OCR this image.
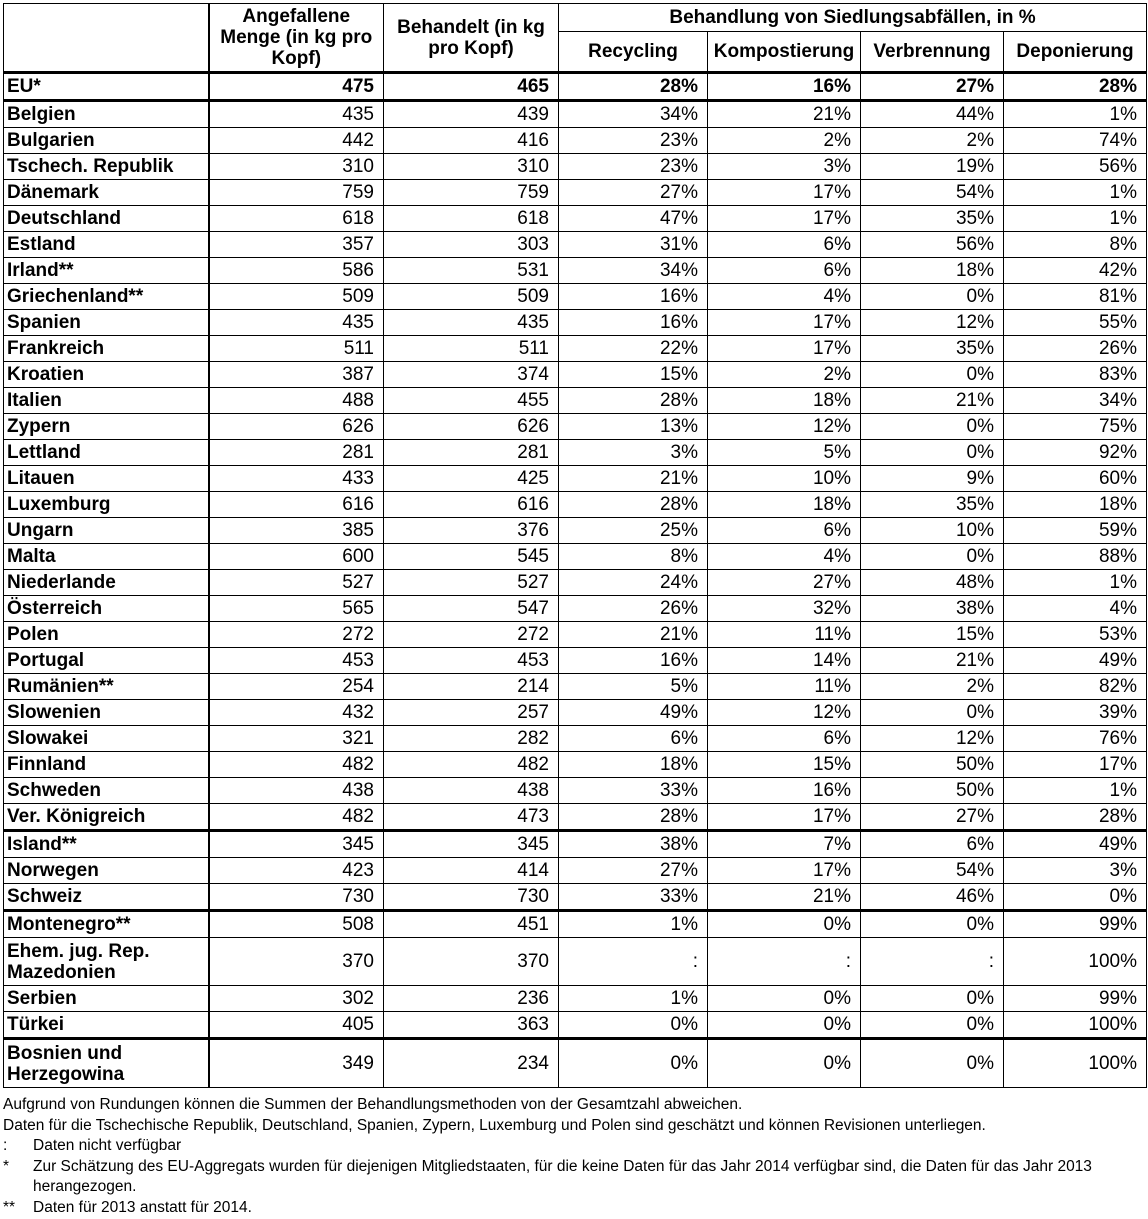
	Angefallene Menge (in kg pro Kopf)	Behandelt (in kg pro Kopf)	Behandlung von Siedlungsabfällen, in %			
			Recycling	Kompostierung	Verbrennung	Deponierung
EU*	475	465	28%	16%	27%	28%
Belgien	435	439	34%	21%	44%	1%
Bulgarien	442	416	23%	2%	2%	74%
Tschech. Republik	310	310	23%	3%	19%	56%
Dänemark	759	759	27%	17%	54%	1%
Deutschland	618	618	47%	17%	35%	1%
Estland	357	303	31%	6%	56%	8%
Irland**	586	531	34%	6%	18%	42%
Griechenland**	509	509	16%	4%	0%	81%
Spanien	435	435	16%	17%	12%	55%
Frankreich	511	511	22%	17%	35%	26%
Kroatien	387	374	15%	2%	0%	83%
Italien	488	455	28%	18%	21%	34%
Zypern	626	626	13%	12%	0%	75%
Lettland	281	281	3%	5%	0%	92%
Litauen	433	425	21%	10%	9%	60%
Luxemburg	616	616	28%	18%	35%	18%
Ungarn	385	376	25%	6%	10%	59%
Malta	600	545	8%	4%	0%	88%
Niederlande	527	527	24%	27%	48%	1%
Österreich	565	547	26%	32%	38%	4%
Polen	272	272	21%	11%	15%	53%
Portugal	453	453	16%	14%	21%	49%
Rumänien**	254	214	5%	11%	2%	82%
Slowenien	432	257	49%	12%	0%	39%
Slowakei	321	282	6%	6%	12%	76%
Finnland	482	482	18%	15%	50%	17%
Schweden	438	438	33%	16%	50%	1%
Ver. Königreich	482	473	28%	17%	27%	28%
Island**	345	345	38%	7%	6%	49%
Norwegen	423	414	27%	17%	54%	3%
Schweiz	730	730	33%	21%	46%	0%
Montenegro**	508	451	1%	0%	0%	99%
Ehem. jug. Rep. Mazedonien	370	370	:	:	:	100%
Serbien	302	236	1%	0%	0%	99%
Türkei	405	363	0%	0%	0%	100%
Bosnien und Herzegowina	349	234	0%	0%	0%	100%
Aufgrund von Rundungen können die Summen der Behandlungsmethoden von der Gesamtzahl abweichen.
Daten für die Tschechische Republik, Deutschland, Spanien, Zypern, Luxemburg und Polen sind geschätzt und können Revisionen unterliegen.
:	Daten nicht verfügbar
*	Zur Schätzung des EU-Aggregats wurden für diejenigen Mitgliedstaaten, für die keine Daten für das Jahr 2014 verfügbar sind, die Daten für das Jahr 2013 herangezogen.
**	Daten für 2013 anstatt für 2014.
